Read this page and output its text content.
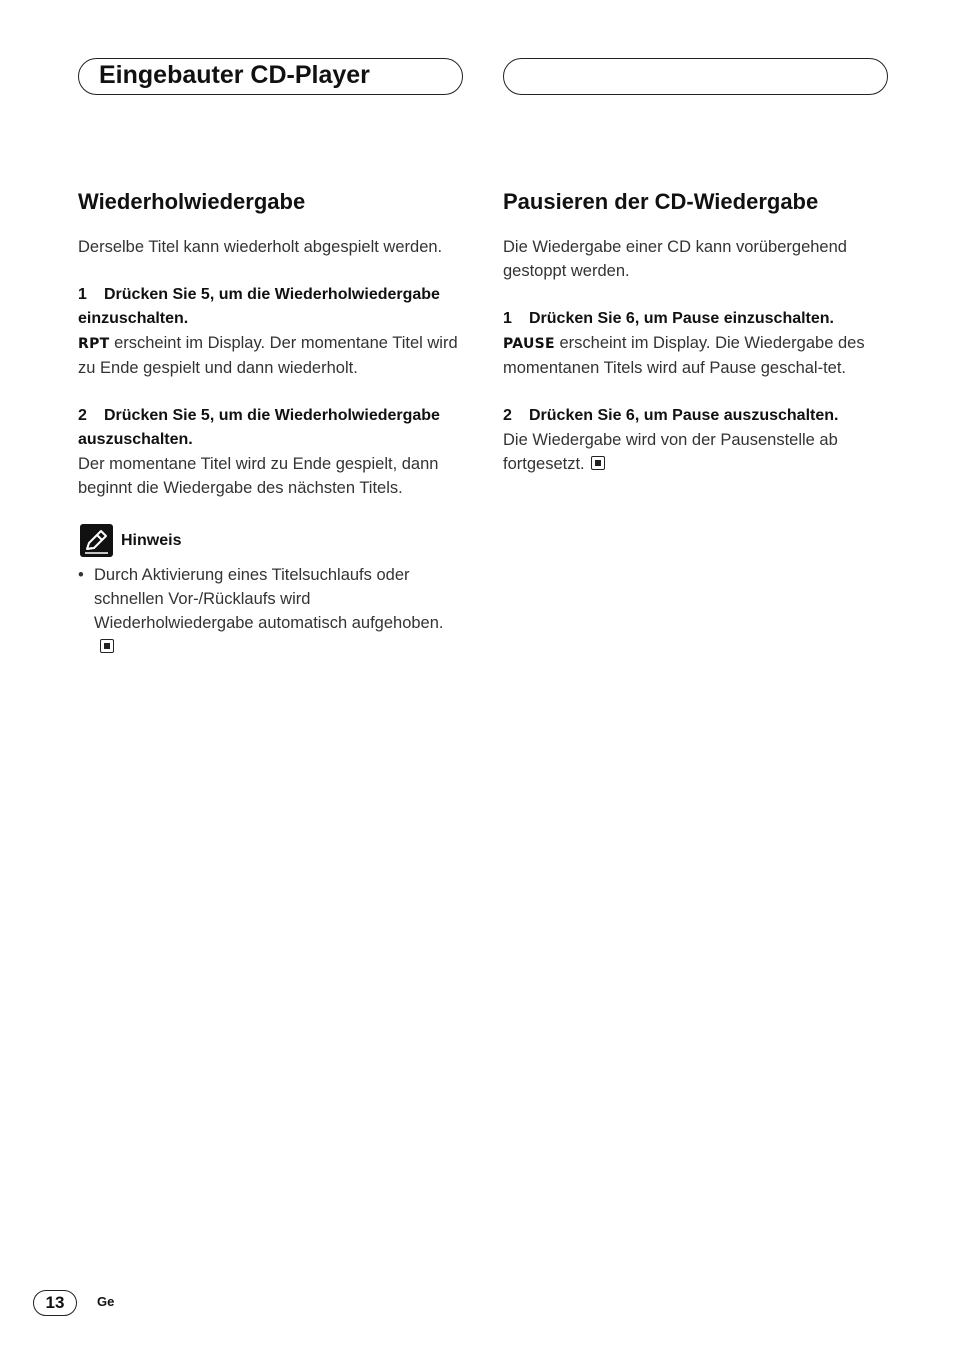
Eingebauter CD-Player
Wiederholwiedergabe

Derselbe Titel kann wiederholt abgespielt werden.

1 Drücken Sie 5, um die Wiederholwiedergabe einzuschalten.

RPT erscheint im Display. Der momentane Titel wird zu Ende gespielt und dann wiederholt.

2 Drücken Sie 5, um die Wiederholwiedergabe auszuschalten.

Der momentane Titel wird zu Ende gespielt, dann beginnt die Wiedergabe des nächsten Titels.

Hinweis
• Durch Aktivierung eines Titelsuchlaufs oder schnellen Vor-/Rücklaufs wird Wiederholwiedergabe automatisch aufgehoben.

Pausieren der CD-Wiedergabe

Die Wiedergabe einer CD kann vorübergehend gestoppt werden.

1 Drücken Sie 6, um Pause einzuschalten.

PAUSE erscheint im Display. Die Wiedergabe des momentanen Titels wird auf Pause geschal-tet.

2 Drücken Sie 6, um Pause auszuschalten.

Die Wiedergabe wird von der Pausenstelle ab fortgesetzt.

13	Ge
